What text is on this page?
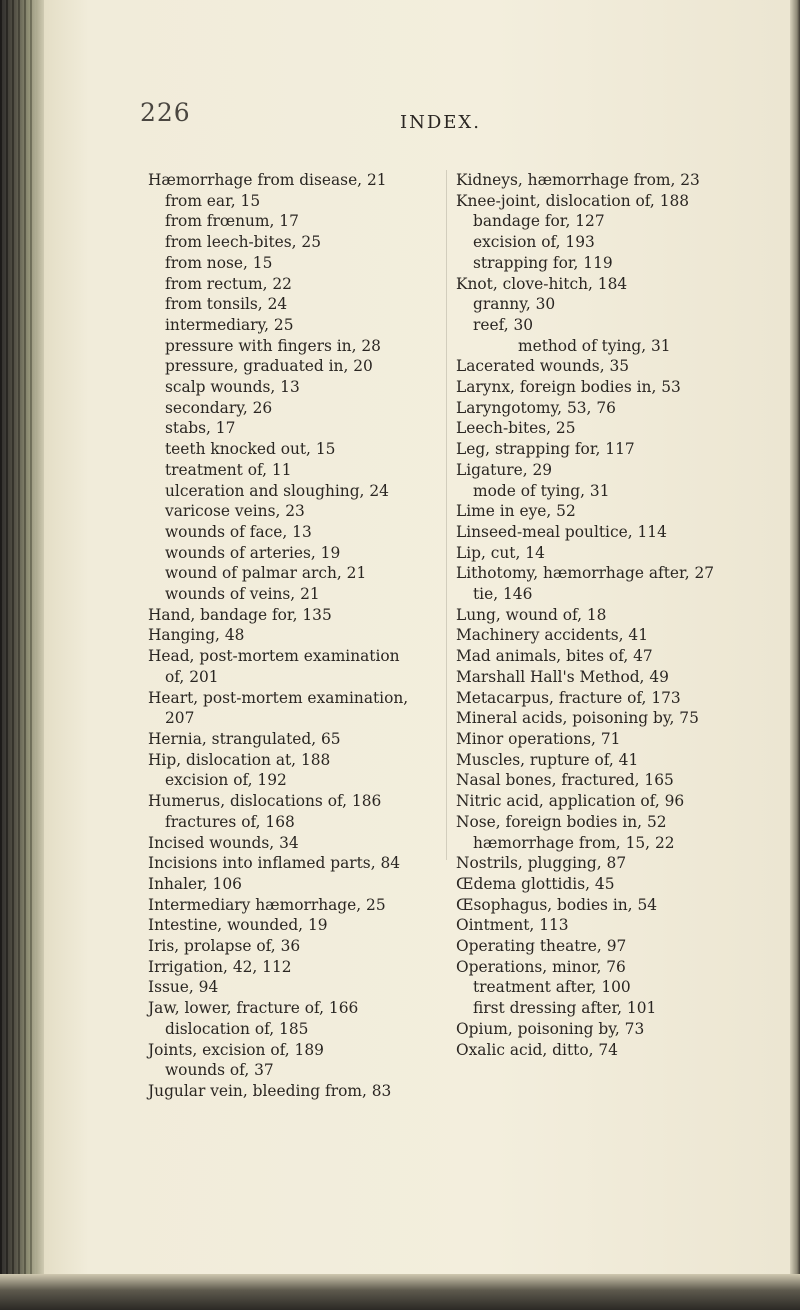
226	INDEX.
Hæmorrhage from disease, 21
from ear, 15
from frœnum, 17
from leech-bites, 25
from nose, 15
from rectum, 22
from tonsils, 24
intermediary, 25
pressure with fingers in, 28
pressure, graduated in, 20
scalp wounds, 13
secondary, 26
stabs, 17
teeth knocked out, 15
treatment of, 11
ulceration and sloughing, 24
varicose veins, 23
wounds of face, 13
wounds of arteries, 19
wound of palmar arch, 21
wounds of veins, 21
Hand, bandage for, 135
Hanging, 48
Head, post-mortem examination
of, 201
Heart, post-mortem examination,
207
Hernia, strangulated, 65
Hip, dislocation at, 188
excision of, 192
Humerus, dislocations of, 186
fractures of, 168
Incised wounds, 34
Incisions into inflamed parts, 84
Inhaler, 106
Intermediary hæmorrhage, 25
Intestine, wounded, 19
Iris, prolapse of, 36
Irrigation, 42, 112
Issue, 94
Jaw, lower, fracture of, 166
dislocation of, 185
Joints, excision of, 189
wounds of, 37
Jugular vein, bleeding from, 83
Kidneys, hæmorrhage from, 23
Knee-joint, dislocation of, 188
bandage for, 127
excision of, 193
strapping for, 119
Knot, clove-hitch, 184
granny, 30
reef, 30
method of tying, 31
Lacerated wounds, 35
Larynx, foreign bodies in, 53
Laryngotomy, 53, 76
Leech-bites, 25
Leg, strapping for, 117
Ligature, 29
mode of tying, 31
Lime in eye, 52
Linseed-meal poultice, 114
Lip, cut, 14
Lithotomy, hæmorrhage after, 27
tie, 146
Lung, wound of, 18
Machinery accidents, 41
Mad animals, bites of, 47
Marshall Hall's Method, 49
Metacarpus, fracture of, 173
Mineral acids, poisoning by, 75
Minor operations, 71
Muscles, rupture of, 41
Nasal bones, fractured, 165
Nitric acid, application of, 96
Nose, foreign bodies in, 52
hæmorrhage from, 15, 22
Nostrils, plugging, 87
Œdema glottidis, 45
Œsophagus, bodies in, 54
Ointment, 113
Operating theatre, 97
Operations, minor, 76
treatment after, 100
first dressing after, 101
Opium, poisoning by, 73
Oxalic acid, ditto, 74
